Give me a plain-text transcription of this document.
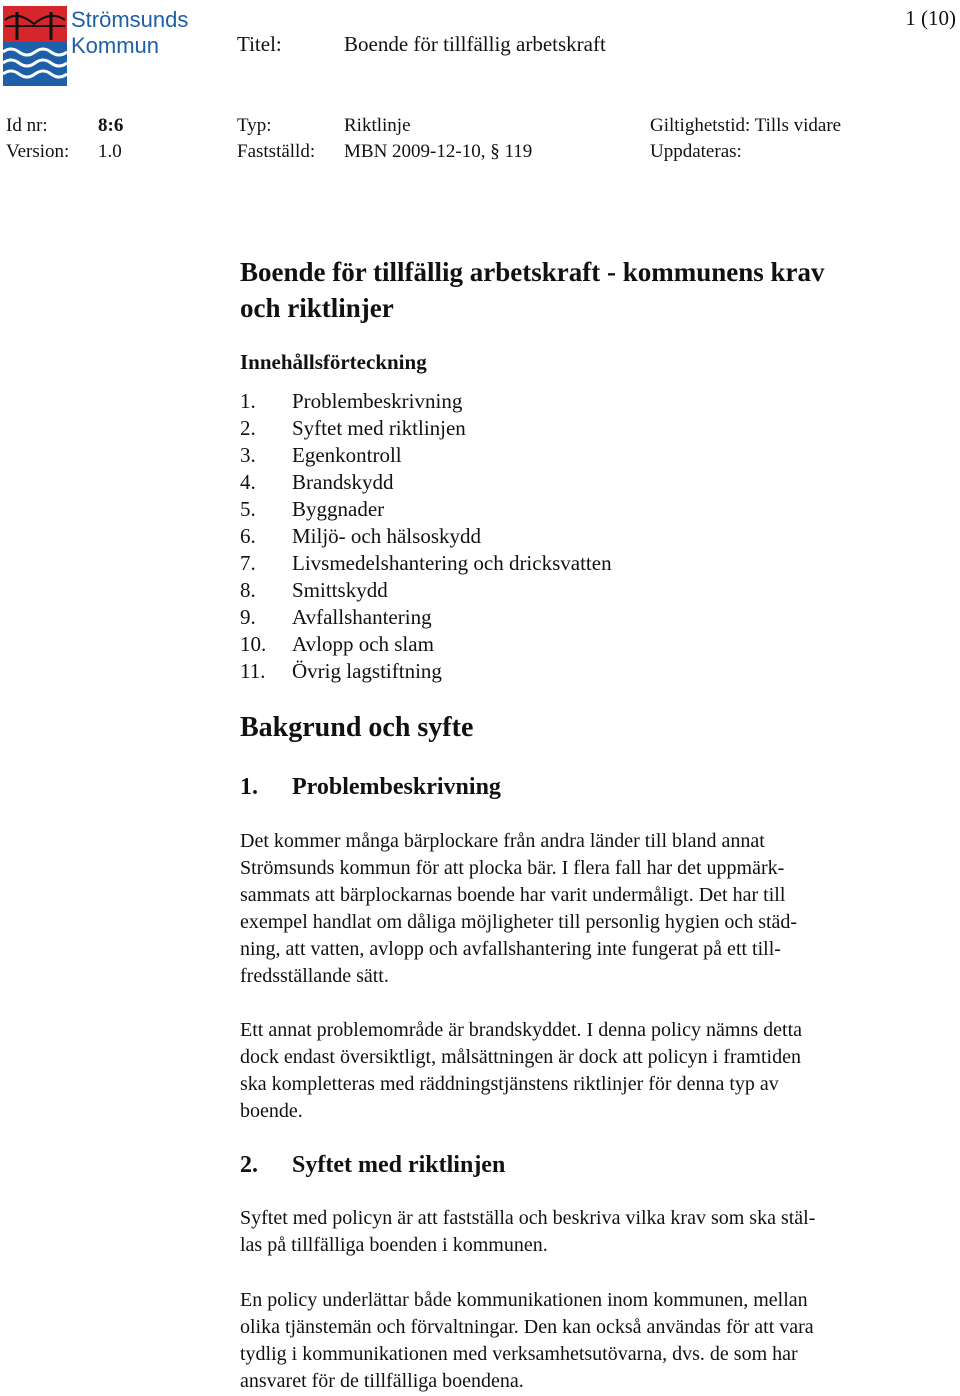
Strömsunds
Kommun	Titel:	Boende för tillfällig arbetskraft
1 (10)
Id nr:	8:6	Typ:	Riktlinje	Giltighetstid: Tills vidare
Version: 1.0	Fastställd: MBN 2009-12-10, § 119	Uppdateras:
Boende för tillfällig arbetskraft - kommunens krav
och riktlinjer
Innehållsförteckning
1. Problembeskrivning
2. Syftet med riktlinjen
3. Egenkontroll
4. Brandskydd
5. Byggnader
6. Miljö- och hälsoskydd
7. Livsmedelshantering och dricksvatten
8. Smittskydd
9. Avfallshantering
10. Avlopp och slam
11. Övrig lagstiftning
Bakgrund och syfte
1. Problembeskrivning
Det kommer många bärplockare från andra länder till bland annat
Strömsunds kommun för att plocka bär. I flera fall har det uppmärk-
sammats att bärplockarnas boende har varit undermåligt. Det har till
exempel handlat om dåliga möjligheter till personlig hygien och städ-
ning, att vatten, avlopp och avfallshantering inte fungerat på ett till-
fredsställande sätt.
Ett annat problemområde är brandskyddet. I denna policy nämns detta
dock endast översiktligt, målsättningen är dock att policyn i framtiden
ska kompletteras med räddningstjänstens riktlinjer för denna typ av
boende.
2. Syftet med riktlinjen
Syftet med policyn är att fastställa och beskriva vilka krav som ska stäl-
las på tillfälliga boenden i kommunen.
En policy underlättar både kommunikationen inom kommunen, mellan
olika tjänstemän och förvaltningar. Den kan också användas för att vara
tydlig i kommunikationen med verksamhetsutövarna, dvs. de som har
ansvaret för de tillfälliga boendena.
